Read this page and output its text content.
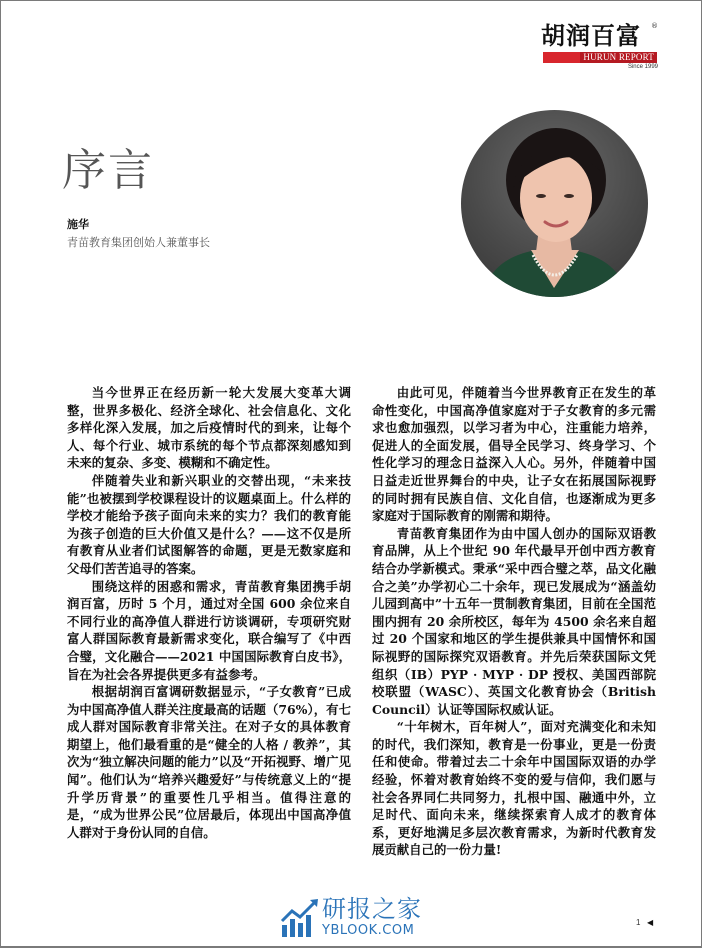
胡润百富 ®
HURUN REPORT
Since 1999
序言
施华
青苗教育集团创始人兼董事长

当今世界正在经历新一轮大发展大变革大调整，世界多极化、经济全球化、社会信息化、文化多样化深入发展，加之后疫情时代的到来，让每个人、每个行业、城市系统的每个节点都深刻感知到未来的复杂、多变、模糊和不确定性。

伴随着失业和新兴职业的交替出现，“未来技能”也被摆到学校课程设计的议题桌面上。什么样的学校才能给予孩子面向未来的实力？我们的教育能为孩子创造的巨大价值又是什么？——这不仅是所有教育从业者们试图解答的命题，更是无数家庭和父母们苦苦追寻的答案。

围绕这样的困惑和需求，青苗教育集团携手胡润百富，历时 5 个月，通过对全国 600 余位来自不同行业的高净值人群进行访谈调研，专项研究财富人群国际教育最新需求变化，联合编写了《中西合璧，文化融合——2021 中国国际教育白皮书》，旨在为社会各界提供更多有益参考。

根据胡润百富调研数据显示，“子女教育”已成为中国高净值人群关注度最高的话题（76%），有七成人群对国际教育非常关注。在对子女的具体教育期望上，他们最看重的是“健全的人格 / 教养”，其次为“独立解决问题的能力”以及“开拓视野、增广见闻”。他们认为“培养兴趣爱好”与传统意义上的“提升学历背景”的重要性几乎相当。值得注意的是，“成为世界公民”位居最后，体现出中国高净值人群对于身份认同的自信。

由此可见，伴随着当今世界教育正在发生的革命性变化，中国高净值家庭对于子女教育的多元需求也愈加强烈，以学习者为中心，注重能力培养，促进人的全面发展，倡导全民学习、终身学习、个性化学习的理念日益深入人心。另外，伴随着中国日益走近世界舞台的中央，让子女在拓展国际视野的同时拥有民族自信、文化自信，也逐渐成为更多家庭对于国际教育的刚需和期待。

青苗教育集团作为由中国人创办的国际双语教育品牌，从上个世纪 90 年代最早开创中西方教育结合办学新模式。秉承“采中西合璧之萃，品文化融合之美”办学初心二十余年，现已发展成为“涵盖幼儿园到高中”十五年一贯制教育集团，目前在全国范围内拥有 20 余所校区，每年为 4500 余名来自超过 20 个国家和地区的学生提供兼具中国情怀和国际视野的国际探究双语教育。并先后荣获国际文凭组织（IB）PYP · MYP · DP 授权、美国西部院校联盟（WASC）、英国文化教育协会（British Council）认证等国际权威认证。

“十年树木，百年树人”，面对充满变化和未知的时代，我们深知，教育是一份事业，更是一份责任和使命。带着过去二十余年中国国际双语的办学经验，怀着对教育始终不变的爱与信仰，我们愿与社会各界同仁共同努力，扎根中国、融通中外，立足时代、面向未来，继续探索育人成才的教育体系，更好地满足多层次教育需求，为新时代教育发展贡献自己的一份力量!

研报之家
YBLOOK.COM
1 ◀
